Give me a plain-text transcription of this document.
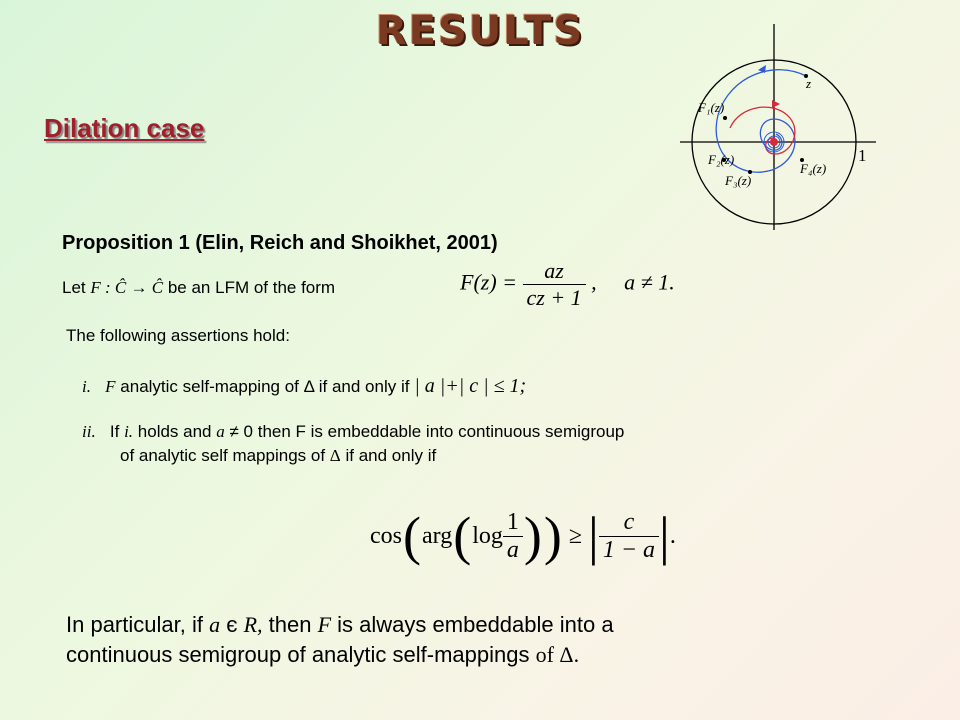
RESULTS
Dilation case
z
F₁(z)
F₂(z)
F₃(z)
F₄(z)
1
Proposition 1 (Elin, Reich and Shoikhet, 2001)
Let F : Ĉ → Ĉ be an LFM of the form	$F(z) = \frac{az}{cz + 1}$ ,     a ≠ 1.
The following assertions hold:
i. F analytic self-mapping of Δ if and only if | a |+| c | ≤ 1;
ii. If i. holds and a ≠ 0 then F is embeddable into continuous semigroup
of analytic self mappings of Δ if and only if
cos ( arg ( log
1
a ) ) ≥ |	c
1 − a | .
In particular, if a є R, then F is always embeddable into a
continuous semigroup of analytic self-mappings of Δ.
